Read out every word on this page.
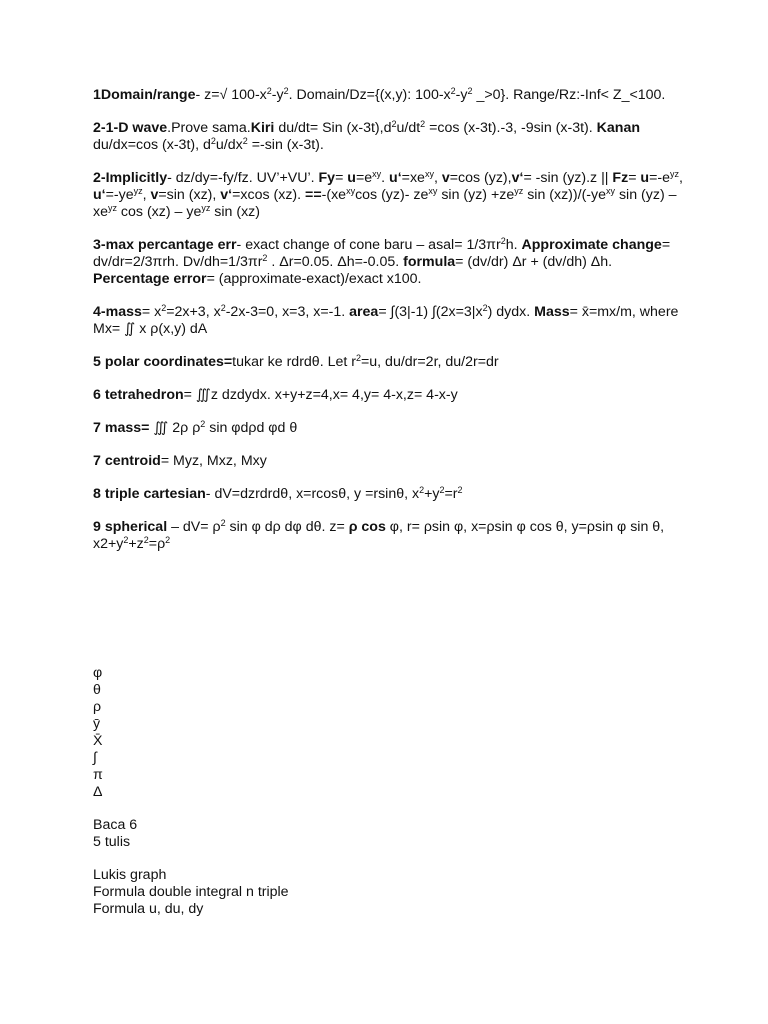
1Domain/range- z=√ $100-x^2-y^2$. Domain/Dz={(x,y): $100-x^2-y^2$ _>0}. Range/Rz:-Inf< Z_<100.

2-1-D wave.Prove sama.Kiri du/dt= Sin $(x-3t),d^2u/dt^2 =\cos$ (x-3t).-3, -9sin (x-3t). Kanan du/dx=cos (x-3t), $d^2u/dx^2 =-\sin$ (x-3t).

2-Implicitly- dz/dy=-fy/fz. UV’+VU’. $Fy= u=e^{xy}$. $u‘=xe^{xy}$, v=cos (yz),v‘= -sin (yz).z || $Fz= u=-e^{yz}$, $u‘=-ye^{yz}$, v=sin (xz), v‘=xcos (xz). $==-(xe^{xy}\cos$ (yz)- $ze^{xy}$ $\sin (yz) +ze^{yz}$ $\sin (xz))/(-ye^{xy}$ $\sin (yz) - xe^{yz}$ $\cos (xz) - ye^{yz}$ sin (xz)

3-max percantage err- exact change of cone baru – asal= $1/3\pi r^2h$. Approximate change= dv/dr=2/3πrh. $Dv/dh=1/3\pi r^2$ . Δr=0.05. Δh=-0.05. formula= (dv/dr) Δr + (dv/dh) Δh. Percentage error= (approximate-exact)/exact x100.

4-mass= $x^2=2x+3$, $x^2-2x-3=0$, x=3, x=-1. area= ∫(3|-1) $\int(2x=3|x^2)$ dydx. Mass= x̄=mx/m, where Mx= ∬ x ρ(x,y) dA

5 polar coordinates=tukar ke rdrdθ. Let $r^2=u$, du/dr=2r, du/2r=dr

6 tetrahedron= ∭z dzdydx. x+y+z=4,x= 4,y= 4-x,z= 4-x-y

7 mass= ∭ 2ρ $\rho^2$ sin φdρd φd θ

7 centroid= Myz, Mxz, Mxy

8 triple cartesian- dV=dzrdrdθ, x=rcosθ, y =rsinθ, $x^2+y^2=r^2$

9 spherical – $dV= \rho^2$ sin φ dρ dφ dθ. z= ρ cos φ, r= ρsin φ, x=ρsin φ cos θ, y=ρsin φ sin θ, $x2+y^2+z^2=\rho^2$

φ

θ

ρ

ȳ

X̄

∫

π

Δ

Baca 6

5 tulis

Lukis graph

Formula double integral n triple

Formula u, du, dy
